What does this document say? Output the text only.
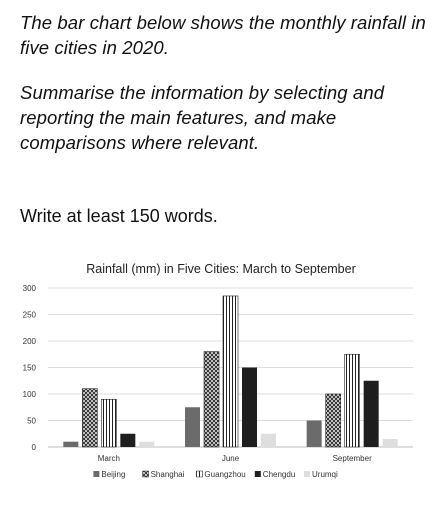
The bar chart below shows the monthly rainfall in five cities in 2020.

Summarise the information by selecting and reporting the main features, and make comparisons where relevant.

Write at least 150 words.

Rainfall (mm) in Five Cities: March to September
0
50
100
150
200
250
300
March	June	September
Beijing	Shanghai Guangzhou Chengdu Urumqi
